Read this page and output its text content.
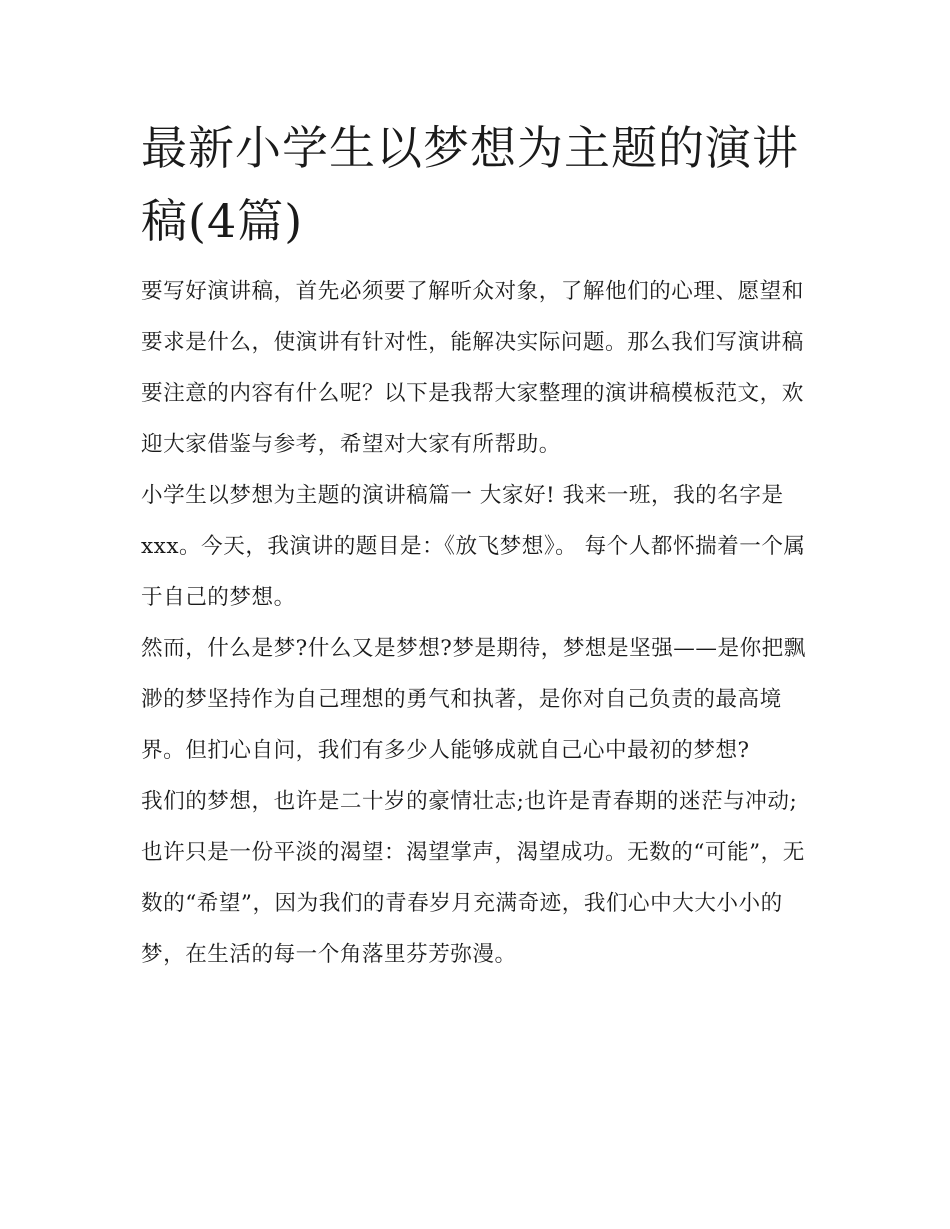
最新小学生以梦想为主题的演讲稿(4篇)

要写好演讲稿，首先必须要了解听众对象，了解他们的心理、愿望和要求是什么，使演讲有针对性，能解决实际问题。那么我们写演讲稿要注意的内容有什么呢？以下是我帮大家整理的演讲稿模板范文，欢迎大家借鉴与参考，希望对大家有所帮助。

小学生以梦想为主题的演讲稿篇一 大家好! 我来一班，我的名字是 xxx。今天，我演讲的题目是：《放飞梦想》。 每个人都怀揣着一个属于自己的梦想。

然而，什么是梦?什么又是梦想?梦是期待，梦想是坚强——是你把飘渺的梦坚持作为自己理想的勇气和执著，是你对自己负责的最高境界。但扪心自问，我们有多少人能够成就自己心中最初的梦想?

我们的梦想，也许是二十岁的豪情壮志;也许是青春期的迷茫与冲动;也许只是一份平淡的渴望：渴望掌声，渴望成功。无数的“可能”，无数的“希望”，因为我们的青春岁月充满奇迹，我们心中大大小小的梦，在生活的每一个角落里芬芳弥漫。
